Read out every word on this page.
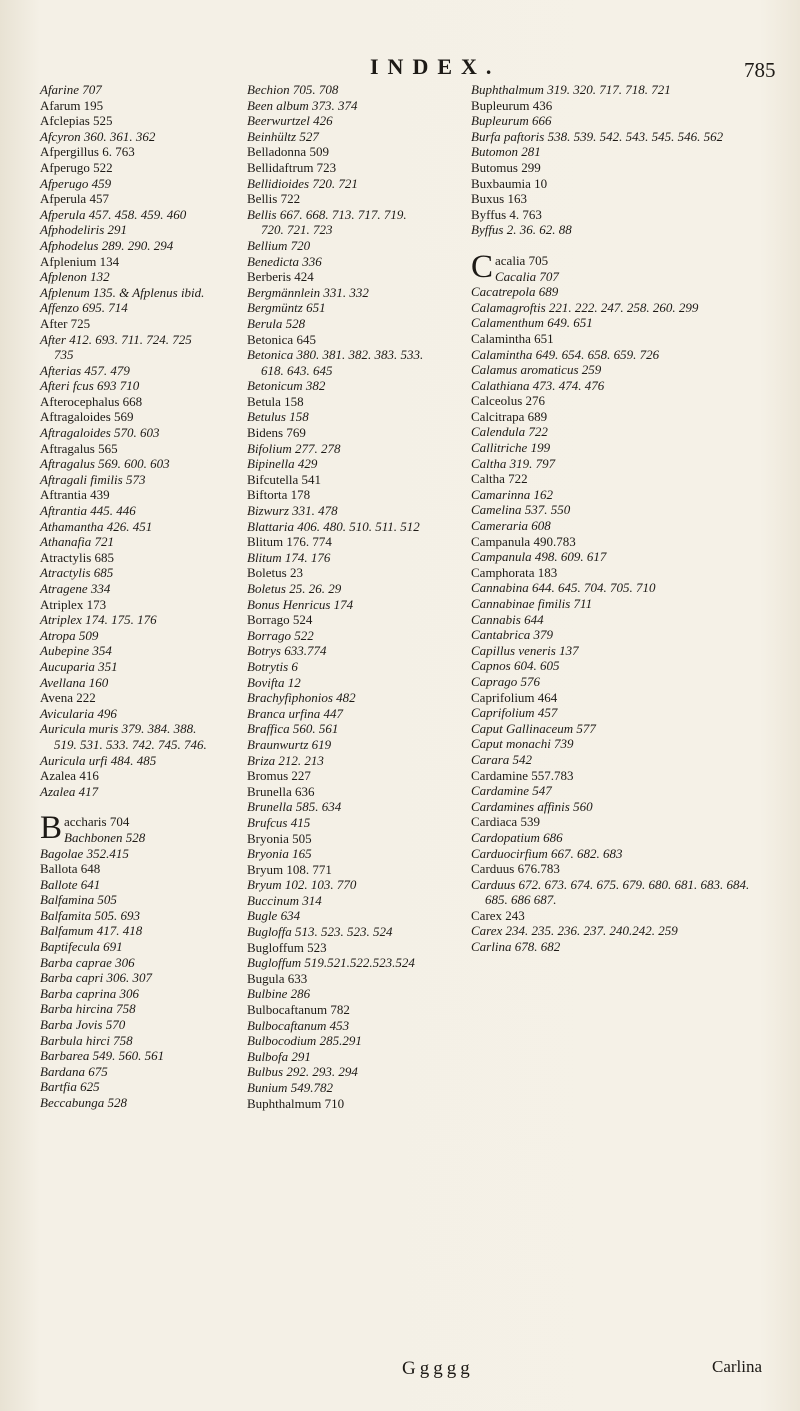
INDEX.	785
Afarine 707
Afarum 195
Afclepias 525
Afcyron 360. 361. 362
Afpergillus 6. 763
Afperugo 522
Afperugo 459
Afperula 457
Afperula 457. 458. 459. 460
Afphodeliris 291
Afphodelus 289. 290. 294
Afplenium 134
Afplenon 132
Afplenum 135. & Afplenus ibid.
Affenzo 695. 714
After 725
After 412. 693. 711. 724. 725 735
Afterias 457. 479
Afteri fcus 693 710
Afterocephalus 668
Aftragaloides 569
Aftragaloides 570. 603
Aftragalus 565
Aftragalus 569. 600. 603
Aftragali fimilis 573
Aftrantia 439
Aftrantia 445. 446
Athamantha 426. 451
Athanafia 721
Atractylis 685
Atractylis 685
Atragene 334
Atriplex 173
Atriplex 174. 175. 176
Atropa 509
Aubepine 354
Aucuparia 351
Avellana 160
Avena 222
Avicularia 496
Auricula muris 379. 384. 388. 519. 531. 533. 742. 745. 746.
Auricula urfi 484. 485
Azalea 416
Azalea 417
Baccharis 704
Bachbonen 528
Bagolae 352.415
Ballota 648
Ballote 641
Balfamina 505
Balfamita 505. 693
Balfamum 417. 418
Baptifecula 691
Barba caprae 306
Barba capri 306. 307
Barba caprina 306
Barba hircina 758
Barba Jovis 570
Barbula hirci 758
Barbarea 549. 560. 561
Bardana 675
Bartfia 625
Beccabunga 528
Bechion 705. 708
Been album 373. 374
Beerwurtzel 426
Beinhültz 527
Belladonna 509
Bellidaftrum 723
Bellidioides 720. 721
Bellis 722
Bellis 667. 668. 713. 717. 719. 720. 721. 723
Bellium 720
Benedicta 336
Berberis 424
Bergmännlein 331. 332
Bergmüntz 651
Berula 528
Betonica 645
Betonica 380. 381. 382. 383. 533. 618. 643. 645
Betonicum 382
Betula 158
Betulus 158
Bidens 769
Bifolium 277. 278
Bipinella 429
Bifcutella 541
Biftorta 178
Bizwurz 331. 478
Blattaria 406. 480. 510. 511. 512
Blitum 176. 774
Blitum 174. 176
Boletus 23
Boletus 25. 26. 29
Bonus Henricus 174
Borrago 524
Borrago 522
Botrys 633.774
Botrytis 6
Bovifta 12
Brachyfiphonios 482
Branca urfina 447
Braffica 560. 561
Braunwurtz 619
Briza 212. 213
Bromus 227
Brunella 636
Brunella 585. 634
Brufcus 415
Bryonia 505
Bryonia 165
Bryum 108. 771
Bryum 102. 103. 770
Buccinum 314
Bugle 634
Bugloffa 513. 523. 523. 524
Bugloffum 523
Bugloffum 519.521.522.523.524
Bugula 633
Bulbine 286
Bulbocaftanum 782
Bulbocaftanum 453
Bulbocodium 285.291
Bulbofa 291
Bulbus 292. 293. 294
Bunium 549.782
Buphthalmum 710
Buphthalmum 319. 320. 717. 718. 721
Bupleurum 436
Bupleurum 666
Burfa paftoris 538. 539. 542. 543. 545. 546. 562
Butomon 281
Butomus 299
Buxbaumia 10
Buxus 163
Byffus 4. 763
Byffus 2. 36. 62. 88
Cacalia 705
Cacalia 707
Cacatrepola 689
Calamagroftis 221. 222. 247. 258. 260. 299
Calamenthum 649. 651
Calamintha 651
Calamintha 649. 654. 658. 659. 726
Calamus aromaticus 259
Calathiana 473. 474. 476
Calceolus 276
Calcitrapa 689
Calendula 722
Callitriche 199
Caltha 319. 797
Caltha 722
Camarinna 162
Camelina 537. 550
Cameraria 608
Campanula 490.783
Campanula 498. 609. 617
Camphorata 183
Cannabina 644. 645. 704. 705. 710
Cannabinae fimilis 711
Cannabis 644
Cantabrica 379
Capillus veneris 137
Capnos 604. 605
Caprago 576
Caprifolium 464
Caprifolium 457
Caput Gallinaceum 577
Caput monachi 739
Carara 542
Cardamine 557.783
Cardamine 547
Cardamines affinis 560
Cardiaca 539
Cardopatium 686
Carduocirfium 667. 682. 683
Carduus 676.783
Carduus 672. 673. 674. 675. 679. 680. 681. 683. 684. 685. 686 687.
Carex 243
Carex 234. 235. 236. 237. 240.242. 259
Carlina 678. 682
Ggggg	Carlina
